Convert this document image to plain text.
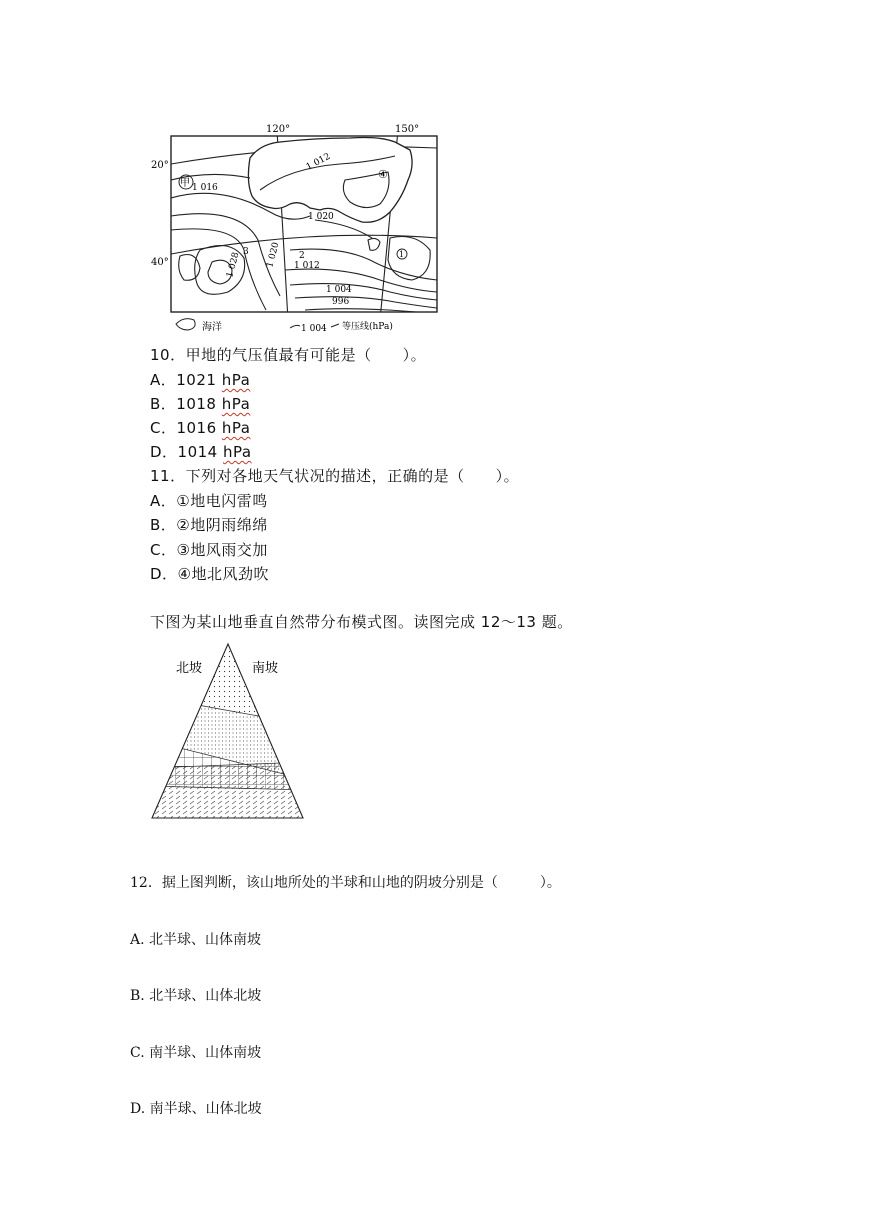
120°	150°
20°
40°
甲
1 012
1 016
1 020
1 028	1 020 1 012
1 004
996
④
2
3	1
海洋	1 004 等压线(hPa)
10．甲地的气压值最有可能是（　　）。
A．1021 hPa
B．1018 hPa
C．1016 hPa
D．1014 hPa
11．下列对各地天气状况的描述，正确的是（　　）。
A．①地电闪雷鸣
B．②地阴雨绵绵
C．③地风雨交加
D．④地北风劲吹
下图为某山地垂直自然带分布模式图。读图完成 12～13 题。
北坡	南坡
12．据上图判断，该山地所处的半球和山地的阴坡分别是（　　　）。
A. 北半球、山体南坡
B. 北半球、山体北坡
C. 南半球、山体南坡
D. 南半球、山体北坡
